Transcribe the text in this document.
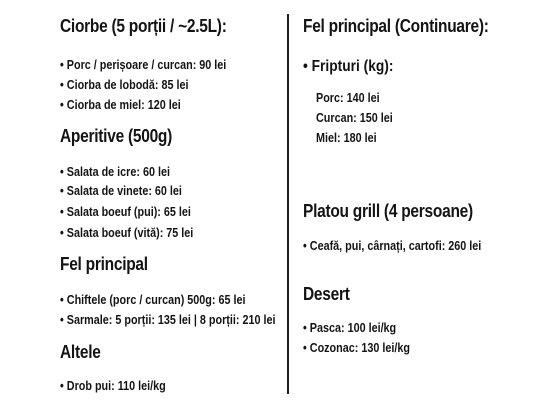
Ciorbe (5 porții / ~2.5L):
• Porc / perișoare / curcan: 90 lei
• Ciorba de lobodă: 85 lei
• Ciorba de miel: 120 lei
Aperitive (500g)
• Salata de icre: 60 lei
• Salata de vinete: 60 lei
• Salata boeuf (pui): 65 lei
• Salata boeuf (vită): 75 lei
Fel principal
• Chiftele (porc / curcan) 500g: 65 lei
• Sarmale: 5 porții: 135 lei | 8 porții: 210 lei
Altele
• Drob pui: 110 lei/kg
Fel principal (Continuare):
• Fripturi (kg):
Porc: 140 lei
Curcan: 150 lei
Miel: 180 lei
Platou grill (4 persoane)
• Ceafă, pui, cârnați, cartofi: 260 lei
Desert
• Pasca: 100 lei/kg
• Cozonac: 130 lei/kg
